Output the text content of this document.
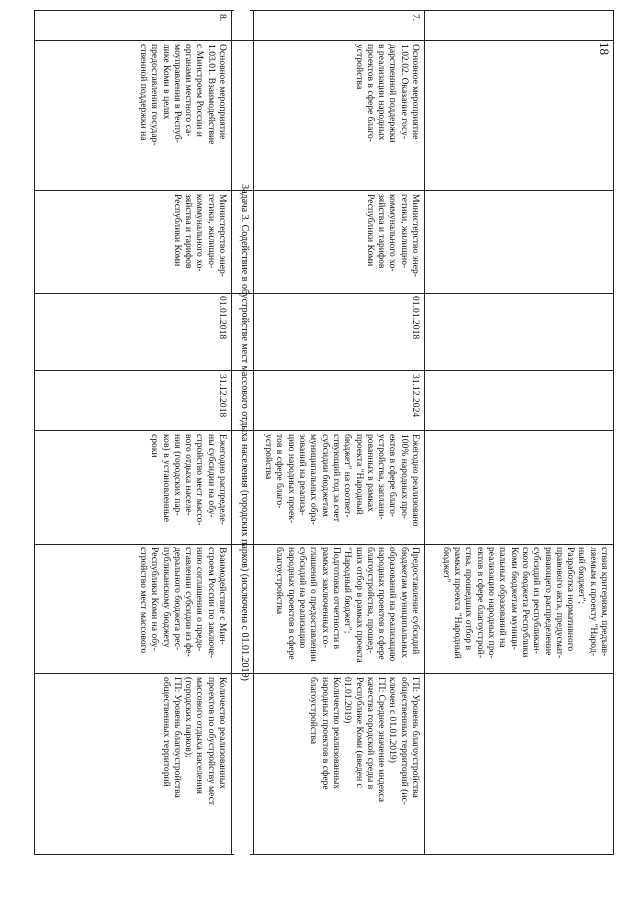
18
ствия критериям, предъяв-
ляемым к проекту "Народ-
ный бюджет";
Разработка нормативного
правового акта, предусмат-
ривающего распределение
субсидий из республикан-
ского бюджета Республики
Коми бюджетам муници-
пальных образований на
реализацию народных про-
ектов в сфере благоустрой-
ства, прошедших отбор в
рамках проекта "Народный
бюджет"
7.
Основное мероприятие
1.02.02. Оказание госу-
дарственной поддержки
в реализации народных
проектов в сфере благо-
устройства
Министерство энер-
гетики, жилищно-
коммунального хо-
зяйства и тарифов
Республики Коми
01.01.2018
31.12.2024
Задача 3. Содействие в обустройстве мест массового отдыха населения (городских парков) (исключена с 01.01.2019)
8.
Основное мероприятие
1.03.01. Взаимодействие
с Минстроем России и
органами местного са-
моуправления в Респуб-
лике Коми в целях
предоставления государ-
ственной поддержки на
Министерство энер-
гетики, жилищно-
коммунального хо-
зяйства и тарифов
Республики Коми
01.01.2018
31.12.2018
Ежегодно реализовано
100% народных про-
ектов в сфере благо-
устройства, заплани-
рованных в рамках
проекта "Народный
бюджет" на соответ-
ствующий год за счет
субсидии бюджетам
муниципальных обра-
зований на реализа-
цию народных проек-
тов в сфере благо-
устройства
Предоставление субсидий
бюджетам муниципальных
образований на реализацию
народных проектов в сфере
благоустройства, прошед-
ших отбор в рамках проекта
"Народный бюджет";
Подготовка отчетности в
рамках заключенных со-
глашений о предоставлении
субсидий на реализацию
народных проектов в сфере
благоустройства
ГП: Уровень благоустройства
общественных территорий (ис-
ключен с 01.01.2019)
ГП: Среднее значение индекса
качества городской среды в
Республике Коми (введен с
01.01.2019)
Количество реализованных
народных проектов в сфере
благоустройства
Ежегодно распределе-
ны субсидии на обу-
стройство мест массо-
вого отдыха населе-
ния (городских пар-
ков) в установленные
сроки
Взаимодействие с Мин-
строем России по заключе-
нию соглашения о предо-
ставлении субсидии из фе-
дерального бюджета рес-
публиканскому бюджету
Республики Коми на обу-
стройство мест массового
Количество реализованных
проектов по обустройству мест
массового отдыха населения
(городских парков);
ГП: Уровень благоустройства
общественных территорий
